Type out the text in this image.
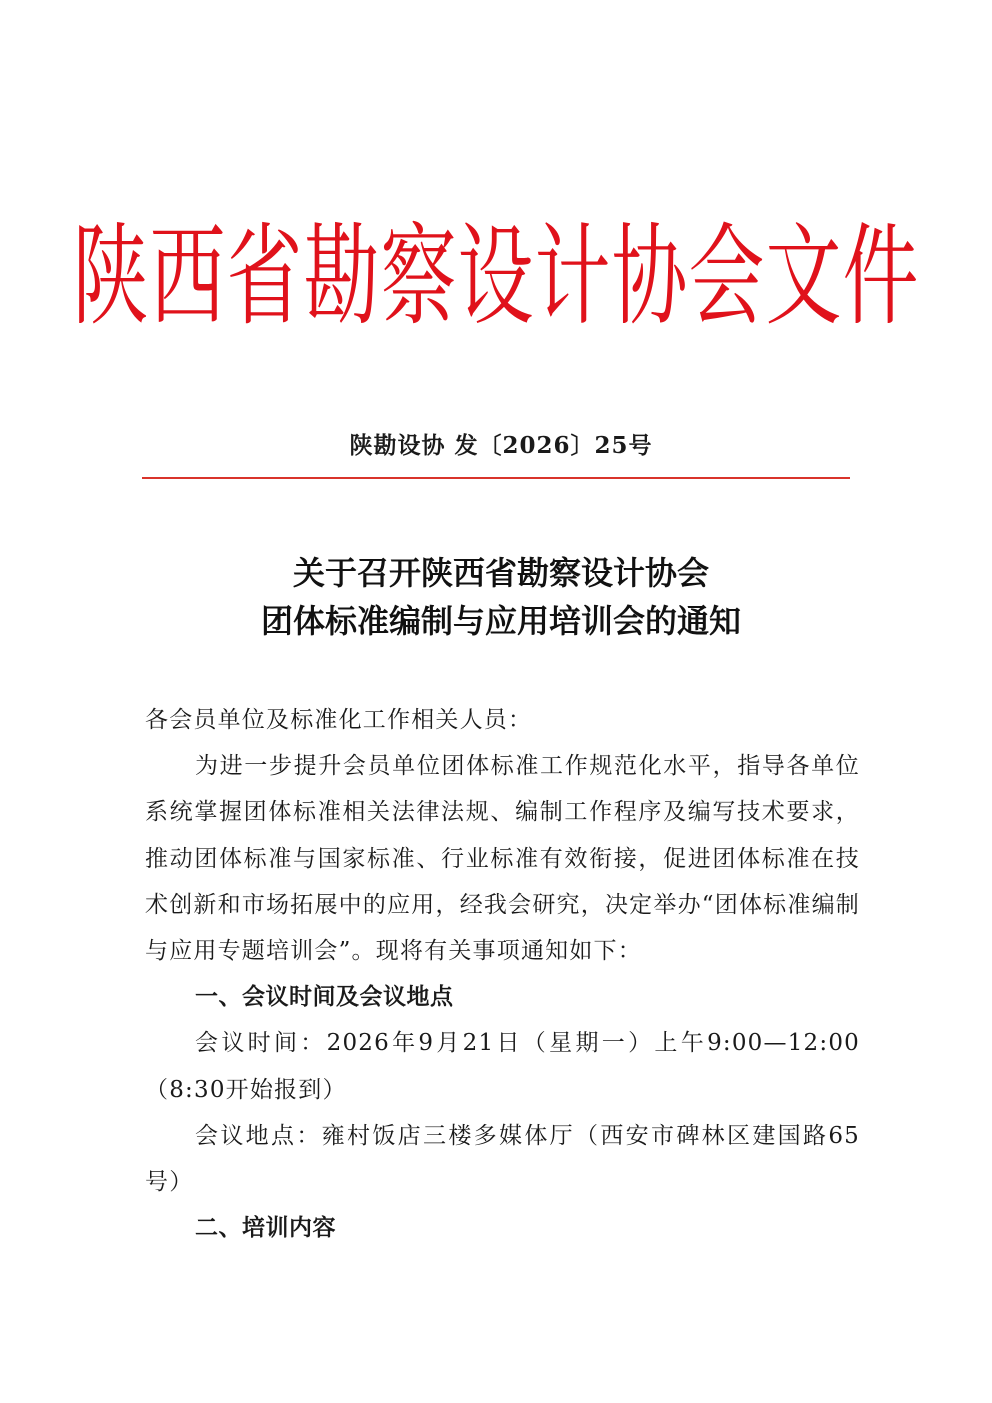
陕西省勘察设计协会文件
陕勘设协 发〔2026〕25号
关于召开陕西省勘察设计协会
团体标准编制与应用培训会的通知

各会员单位及标准化工作相关人员：

为进一步提升会员单位团体标准工作规范化水平，指导各单位系统掌握团体标准相关法律法规、编制工作程序及编写技术要求，推动团体标准与国家标准、行业标准有效衔接，促进团体标准在技术创新和市场拓展中的应用，经我会研究，决定举办“团体标准编制与应用专题培训会”。现将有关事项通知如下：

一、会议时间及会议地点

会议时间：2026年9月21日（星期一）上午9:00—12:00（8:30开始报到）

会议地点：雍村饭店三楼多媒体厅（西安市碑林区建国路65号）

二、培训内容
